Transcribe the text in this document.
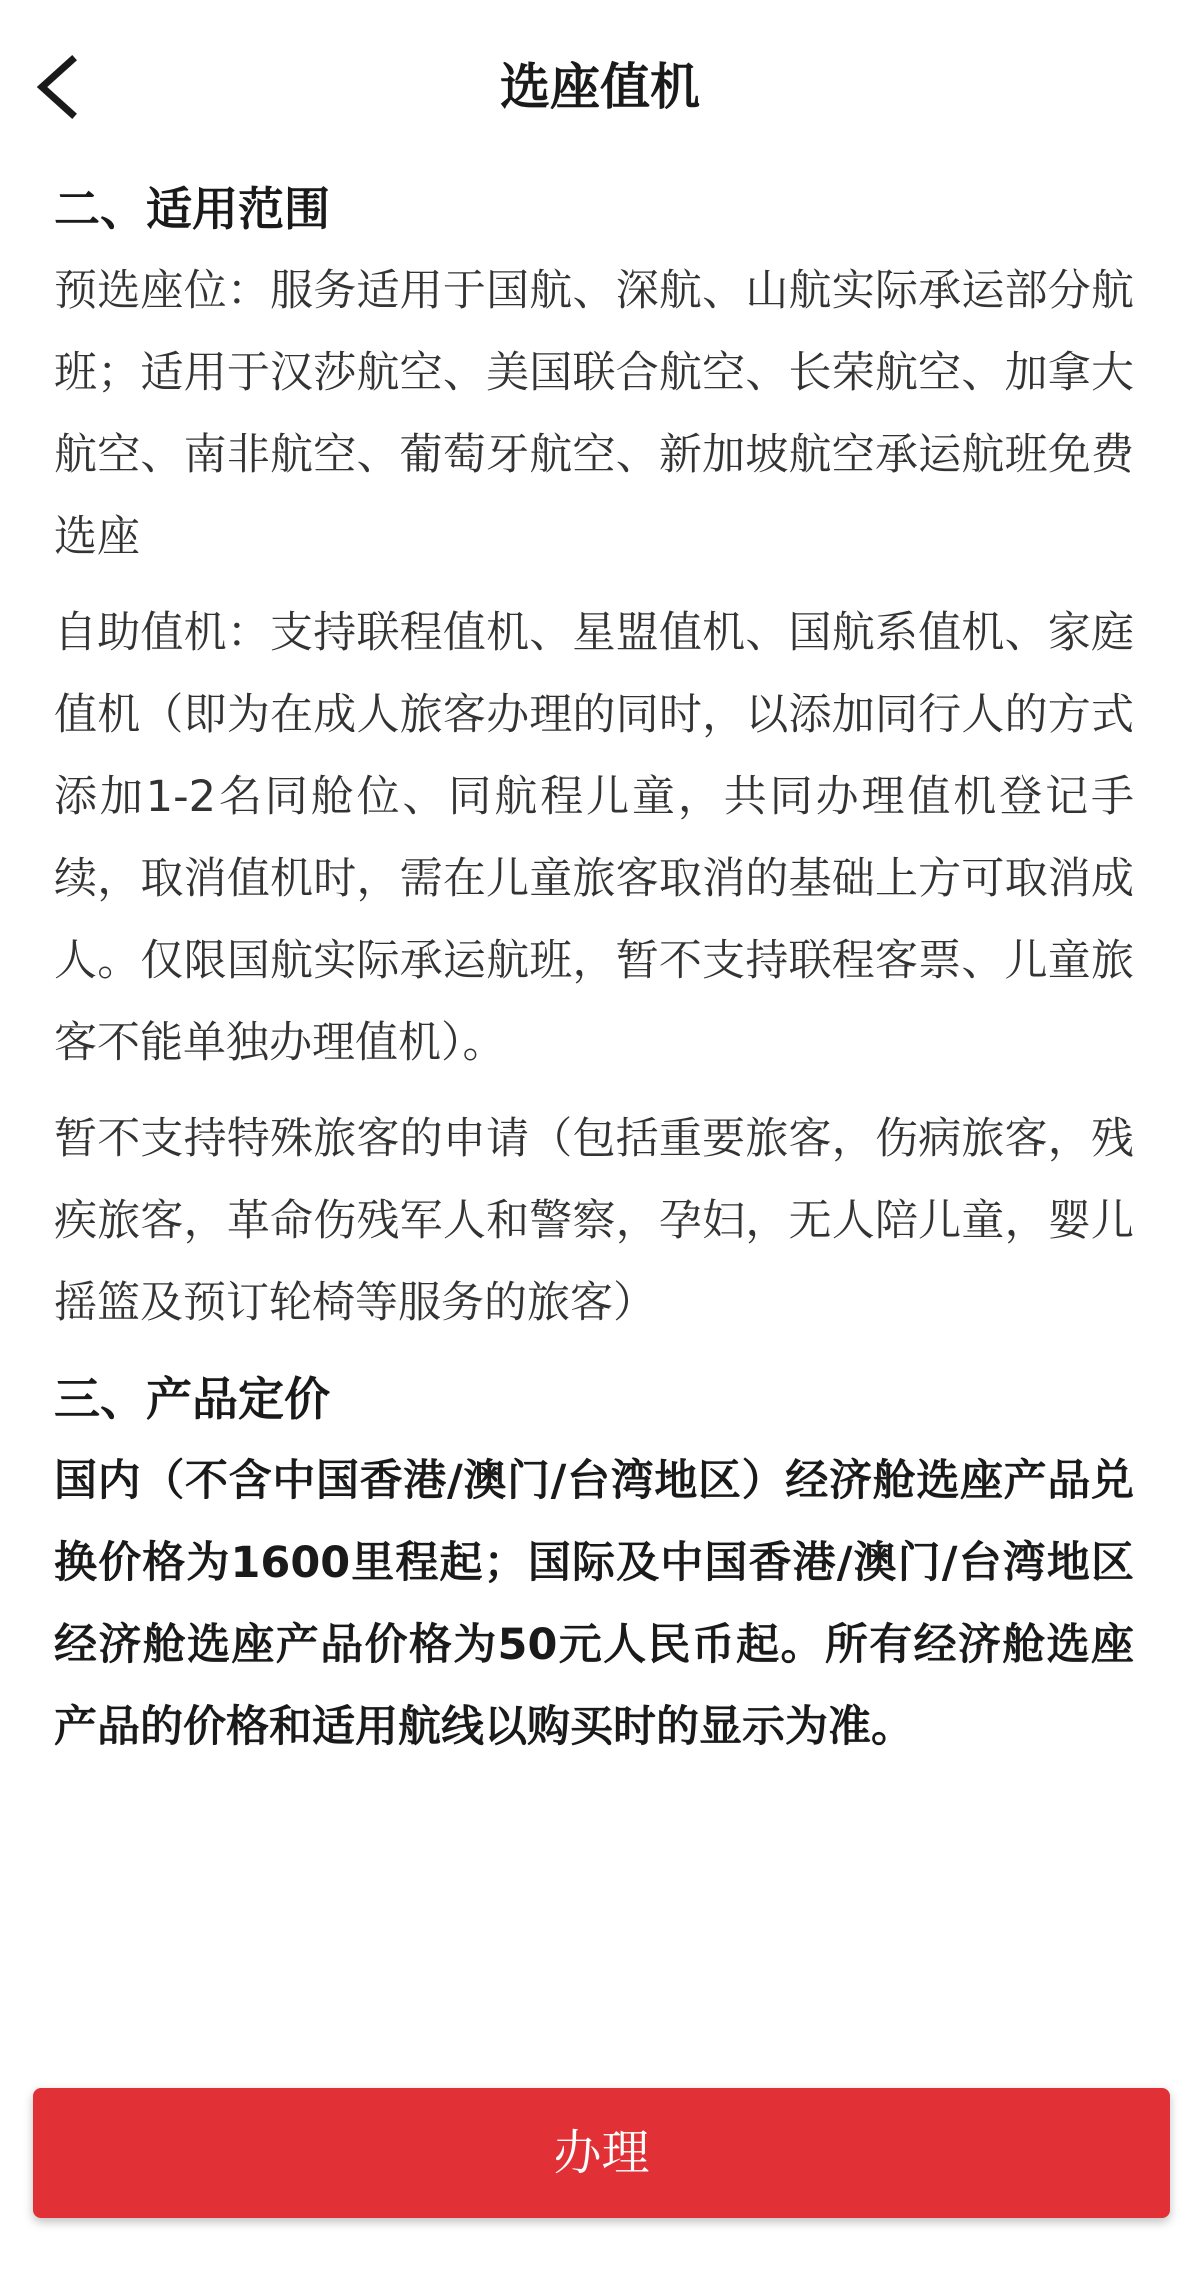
选座值机
二、适用范围

预选座位：服务适用于国航、深航、山航实际承运部分航班；适用于汉莎航空、美国联合航空、长荣航空、加拿大航空、南非航空、葡萄牙航空、新加坡航空承运航班免费选座

自助值机：支持联程值机、星盟值机、国航系值机、家庭值机（即为在成人旅客办理的同时，以添加同行人的方式添加1-2名同舱位、同航程儿童，共同办理值机登记手续，取消值机时，需在儿童旅客取消的基础上方可取消成人。仅限国航实际承运航班，暂不支持联程客票、儿童旅客不能单独办理值机）。

暂不支持特殊旅客的申请（包括重要旅客，伤病旅客，残疾旅客，革命伤残军人和警察，孕妇，无人陪儿童，婴儿摇篮及预订轮椅等服务的旅客）

三、产品定价

国内（不含中国香港/澳门/台湾地区）经济舱选座产品兑换价格为1600里程起；国际及中国香港/澳门/台湾地区经济舱选座产品价格为50元人民币起。所有经济舱选座产品的价格和适用航线以购买时的显示为准。

办理
